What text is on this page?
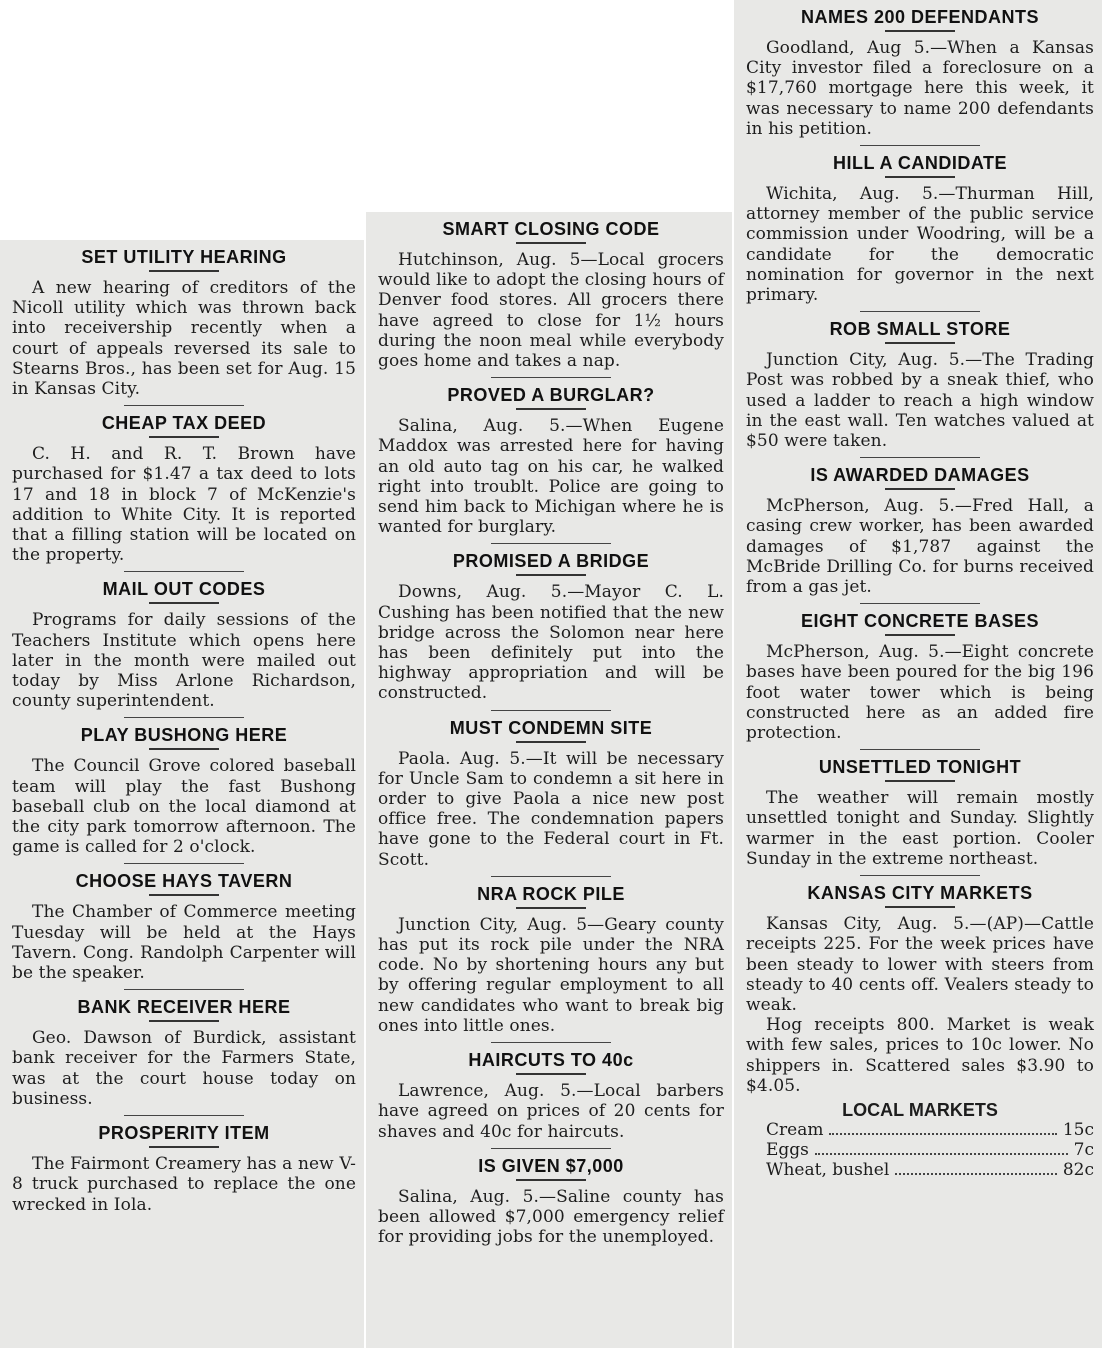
SET UTILITY HEARING

A new hearing of creditors of the Nicoll utility which was thrown back into receivership recently when a court of appeals reversed its sale to Stearns Bros., has been set for Aug. 15 in Kansas City.

CHEAP TAX DEED

C. H. and R. T. Brown have purchased for $1.47 a tax deed to lots 17 and 18 in block 7 of McKenzie's addition to White City. It is reported that a filling station will be located on the property.

MAIL OUT CODES

Programs for daily sessions of the Teachers Institute which opens here later in the month were mailed out today by Miss Arlone Richardson, county superintendent.

PLAY BUSHONG HERE

The Council Grove colored baseball team will play the fast Bushong baseball club on the local diamond at the city park tomorrow afternoon. The game is called for 2 o'clock.

CHOOSE HAYS TAVERN

The Chamber of Commerce meeting Tuesday will be held at the Hays Tavern. Cong. Randolph Carpenter will be the speaker.

BANK RECEIVER HERE

Geo. Dawson of Burdick, assistant bank receiver for the Farmers State, was at the court house today on business.

PROSPERITY ITEM

The Fairmont Creamery has a new V-8 truck purchased to replace the one wrecked in Iola.

SMART CLOSING CODE

Hutchinson, Aug. 5—Local grocers would like to adopt the closing hours of Denver food stores. All grocers there have agreed to close for 1½ hours during the noon meal while everybody goes home and takes a nap.

PROVED A BURGLAR?

Salina, Aug. 5.—When Eugene Maddox was arrested here for having an old auto tag on his car, he walked right into troublt. Police are going to send him back to Michigan where he is wanted for burglary.

PROMISED A BRIDGE

Downs, Aug. 5.—Mayor C. L. Cushing has been notified that the new bridge across the Solomon near here has been definitely put into the highway appropriation and will be constructed.

MUST CONDEMN SITE

Paola. Aug. 5.—It will be necessary for Uncle Sam to condemn a sit here in order to give Paola a nice new post office free. The condemnation papers have gone to the Federal court in Ft. Scott.

NRA ROCK PILE

Junction City, Aug. 5—Geary county has put its rock pile under the NRA code. No by shortening hours any but by offering regular employment to all new candidates who want to break big ones into little ones.

HAIRCUTS TO 40c

Lawrence, Aug. 5.—Local barbers have agreed on prices of 20 cents for shaves and 40c for haircuts.

IS GIVEN $7,000

Salina, Aug. 5.—Saline county has been allowed $7,000 emergency relief for providing jobs for the unemployed.

NAMES 200 DEFENDANTS

Goodland, Aug 5.—When a Kansas City investor filed a foreclosure on a $17,760 mortgage here this week, it was necessary to name 200 defendants in his petition.

HILL A CANDIDATE

Wichita, Aug. 5.—Thurman Hill, attorney member of the public service commission under Woodring, will be a candidate for the democratic nomination for governor in the next primary.

ROB SMALL STORE

Junction City, Aug. 5.—The Trading Post was robbed by a sneak thief, who used a ladder to reach a high window in the east wall. Ten watches valued at $50 were taken.

IS AWARDED DAMAGES

McPherson, Aug. 5.—Fred Hall, a casing crew worker, has been awarded damages of $1,787 against the McBride Drilling Co. for burns received from a gas jet.

EIGHT CONCRETE BASES

McPherson, Aug. 5.—Eight concrete bases have been poured for the big 196 foot water tower which is being constructed here as an added fire protection.

UNSETTLED TONIGHT

The weather will remain mostly unsettled tonight and Sunday. Slightly warmer in the east portion. Cooler Sunday in the extreme northeast.

KANSAS CITY MARKETS

Kansas City, Aug. 5.—(AP)—Cattle receipts 225. For the week prices have been steady to lower with steers from steady to 40 cents off. Vealers steady to weak.

Hog receipts 800. Market is weak with few sales, prices to 10c lower. No shippers in. Scattered sales $3.90 to $4.05.

LOCAL MARKETS
Cream	15c
Eggs	7c
Wheat, bushel	82c
